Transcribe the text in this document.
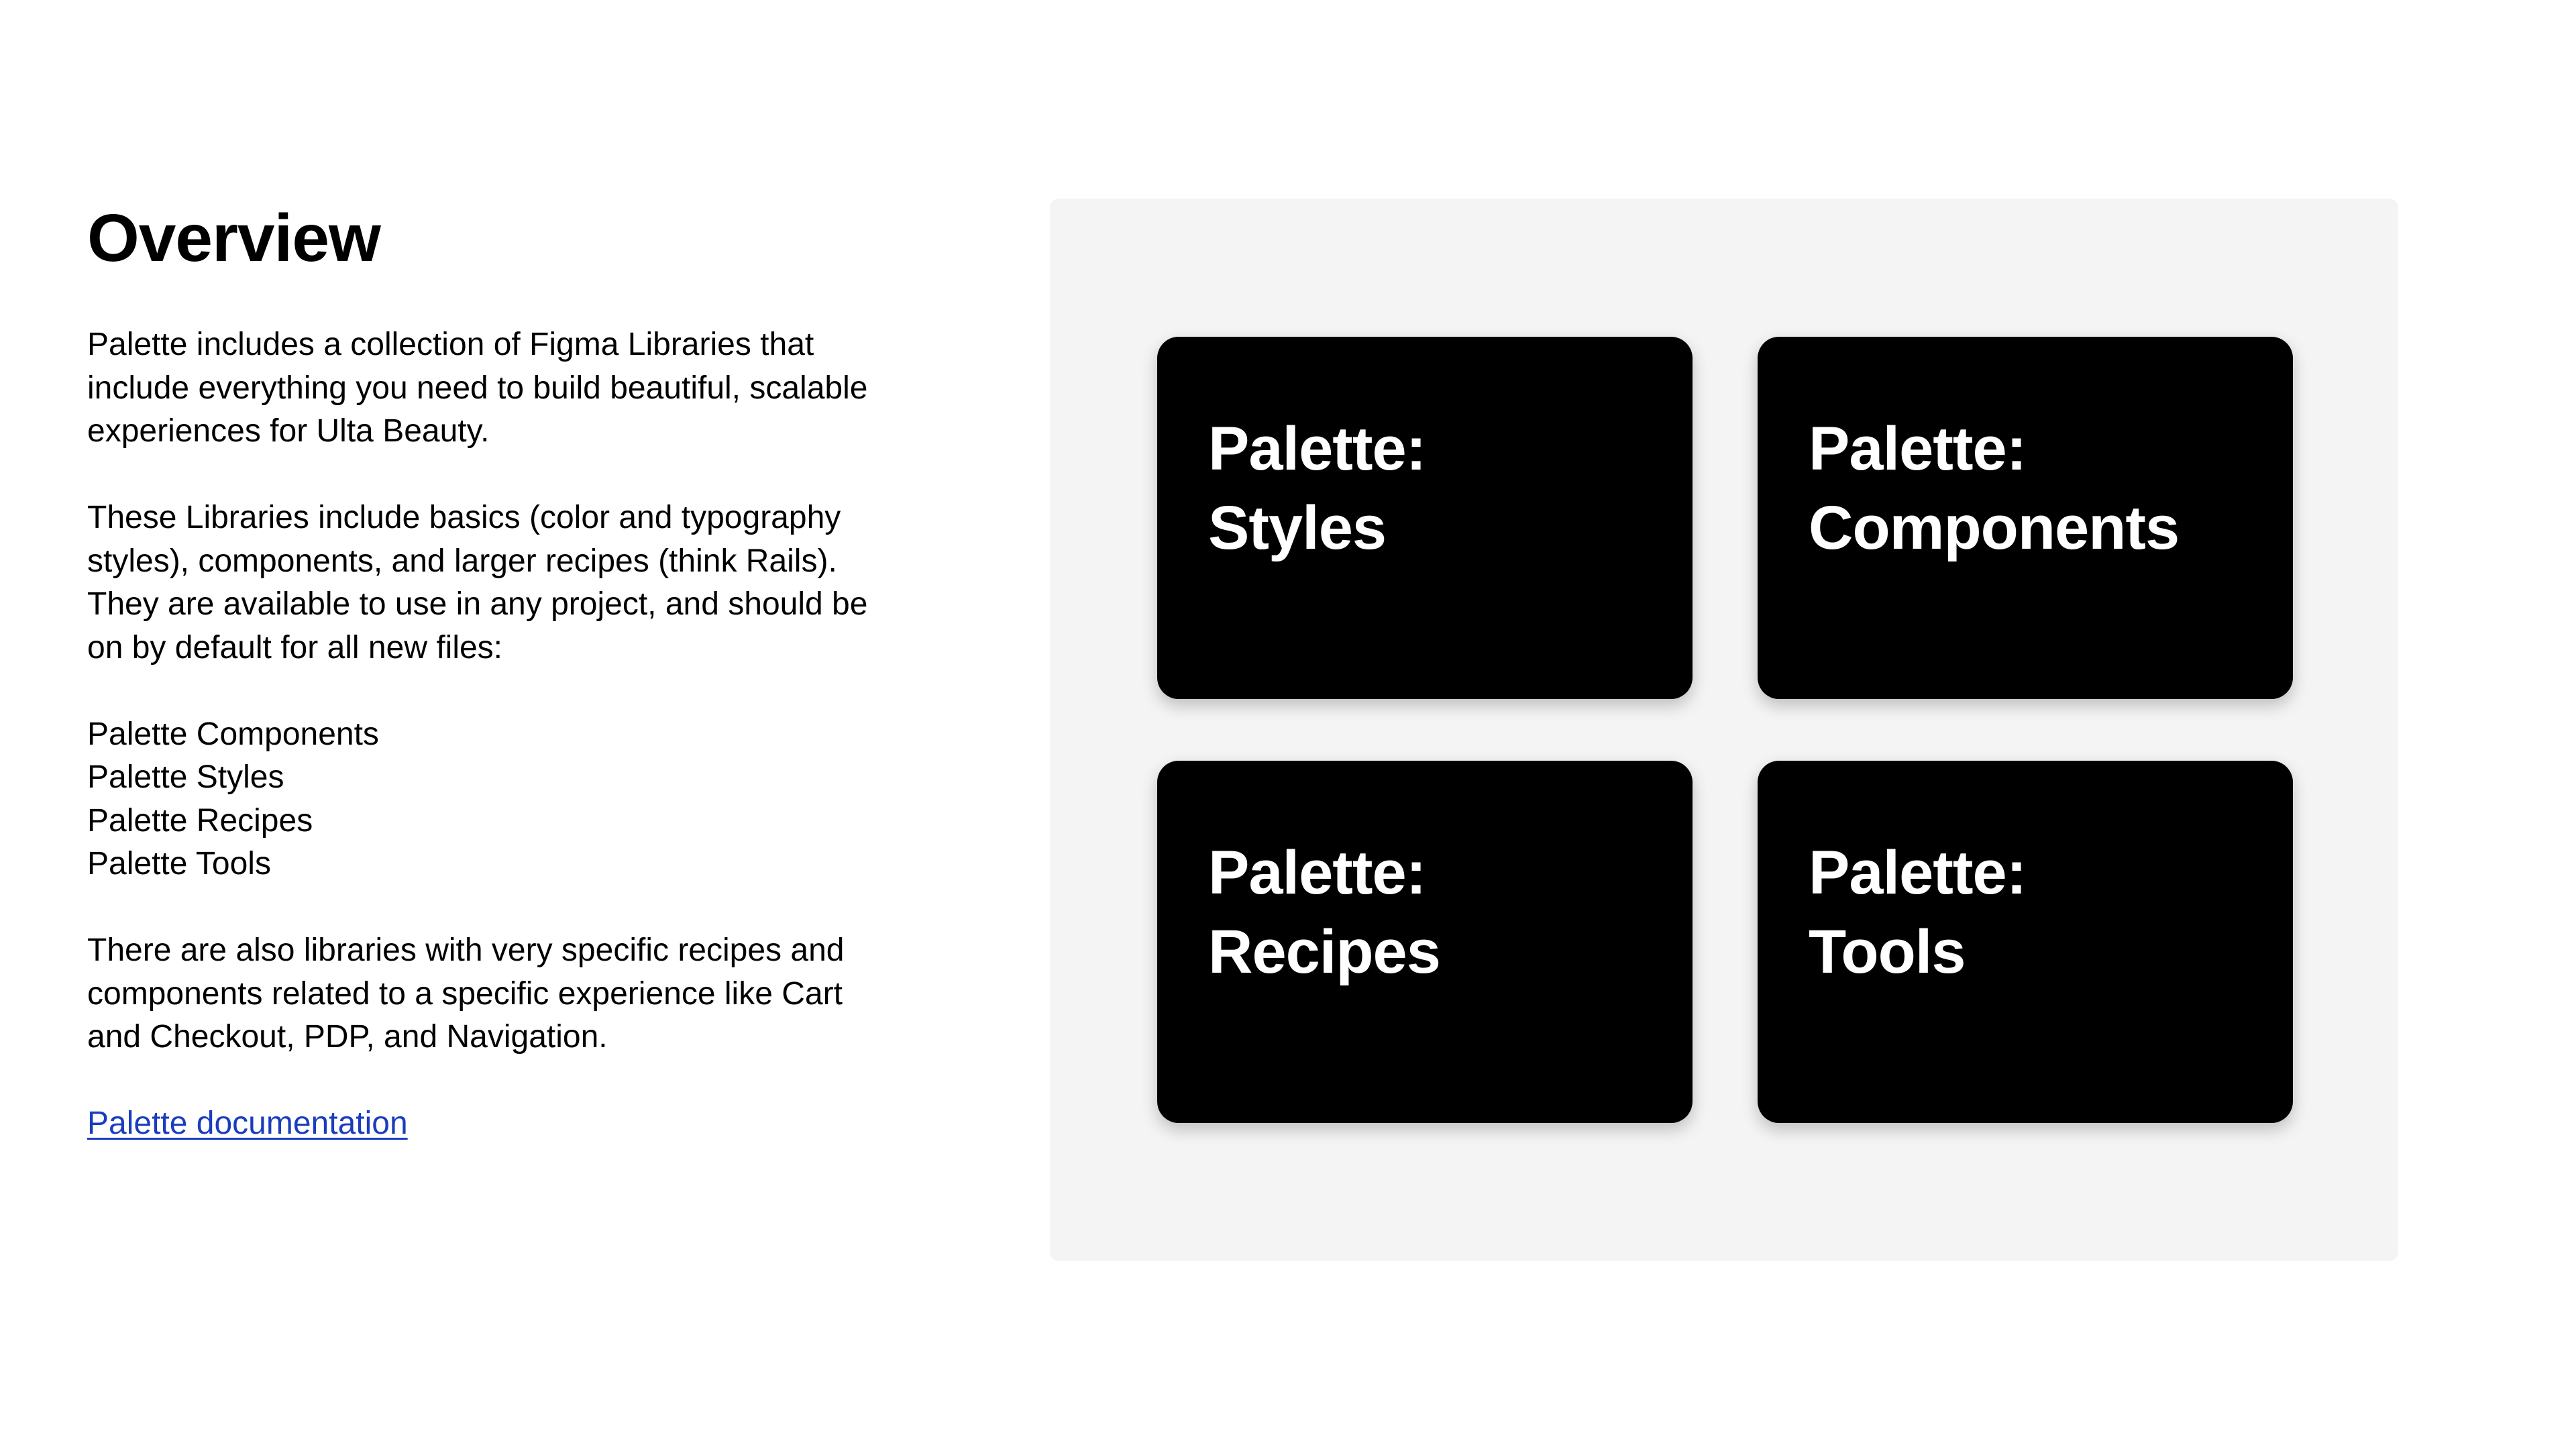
Overview

Palette includes a collection of Figma Libraries that include everything you need to build beautiful, scalable experiences for Ulta Beauty.

These Libraries include basics (color and typography styles), components, and larger recipes (think Rails). They are available to use in any project, and should be on by default for all new files:

Palette Components
Palette Styles
Palette Recipes
Palette Tools

There are also libraries with very specific recipes and components related to a specific experience like Cart and Checkout, PDP, and Navigation.

Palette documentation
Palette:
Styles
Palette:
Components
Palette:
Recipes
Palette:
Tools
